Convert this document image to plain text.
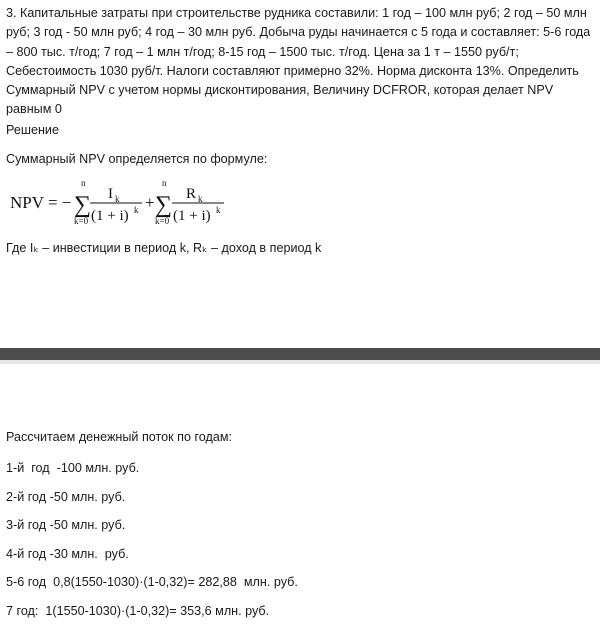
3. Капитальные затраты при строительстве рудника составили: 1 год – 100 млн руб; 2 год – 50 млн руб; 3 год - 50 млн руб; 4 год – 30 млн руб. Добыча руды начинается с 5 года и составляет: 5-6 года – 800 тыс. т/год; 7 год – 1 млн т/год; 8-15 год – 1500 тыс. т/год. Цена за 1 т – 1550 руб/т; Себестоимость 1030 руб/т. Налоги составляют примерно 32%. Норма дисконта 13%. Определить Суммарный NPV с учетом нормы дисконтирования, Величину DCFROR, которая делает NPV равным 0

Решение

Суммарный NPV определяется по формуле:

NPV = − ∑
n
k=0
I k
(1 + i) k + ∑
n
k=0
R k
(1 + i) k

Где Iₖ – инвестиции в период k, Rₖ – доход в период k

Рассчитаем денежный поток по годам:

1-й  год  -100 млн. руб.
2-й год -50 млн. руб.
3-й год -50 млн. руб.
4-й год -30 млн.  руб.
5-6 год  0,8(1550-1030)·(1-0,32)= 282,88  млн. руб.
7 год:  1(1550-1030)·(1-0,32)= 353,6 млн. руб.
